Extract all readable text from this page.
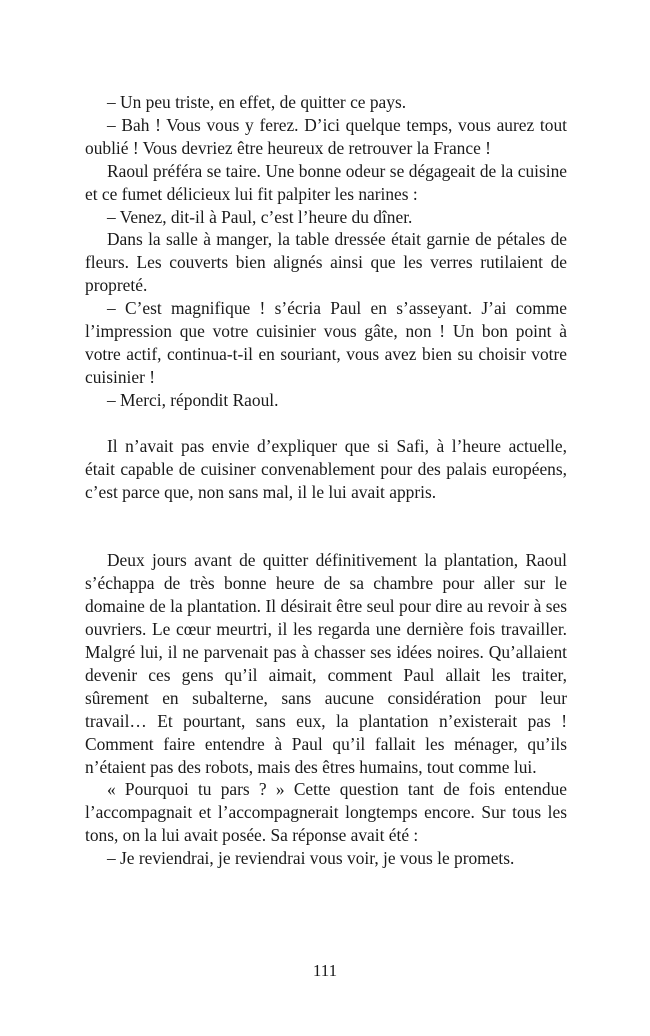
– Un peu triste, en effet, de quitter ce pays.

– Bah ! Vous vous y ferez. D’ici quelque temps, vous aurez tout oublié ! Vous devriez être heureux de retrouver la France !

Raoul préféra se taire. Une bonne odeur se dégageait de la cuisine et ce fumet délicieux lui fit palpiter les narines :

– Venez, dit-il à Paul, c’est l’heure du dîner.

Dans la salle à manger, la table dressée était garnie de pétales de fleurs. Les couverts bien alignés ainsi que les verres rutilaient de propreté.

– C’est magnifique ! s’écria Paul en s’asseyant. J’ai comme l’impression que votre cuisinier vous gâte, non ! Un bon point à votre actif, continua-t-il en souriant, vous avez bien su choisir votre cuisinier !

– Merci, répondit Raoul.

Il n’avait pas envie d’expliquer que si Safi, à l’heure actuelle, était capable de cuisiner convenablement pour des palais européens, c’est parce que, non sans mal, il le lui avait appris.

Deux jours avant de quitter définitivement la plantation, Raoul s’échappa de très bonne heure de sa chambre pour aller sur le domaine de la plantation. Il désirait être seul pour dire au revoir à ses ouvriers. Le cœur meurtri, il les regarda une dernière fois travailler. Malgré lui, il ne parvenait pas à chasser ses idées noires. Qu’allaient devenir ces gens qu’il aimait, comment Paul allait les traiter, sûrement en subalterne, sans aucune considération pour leur travail… Et pourtant, sans eux, la plantation n’existerait pas ! Comment faire entendre à Paul qu’il fallait les ménager, qu’ils n’étaient pas des robots, mais des êtres humains, tout comme lui.

« Pourquoi tu pars ? » Cette question tant de fois entendue l’accompagnait et l’accompagnerait longtemps encore. Sur tous les tons, on la lui avait posée. Sa réponse avait été :

– Je reviendrai, je reviendrai vous voir, je vous le promets.

111
